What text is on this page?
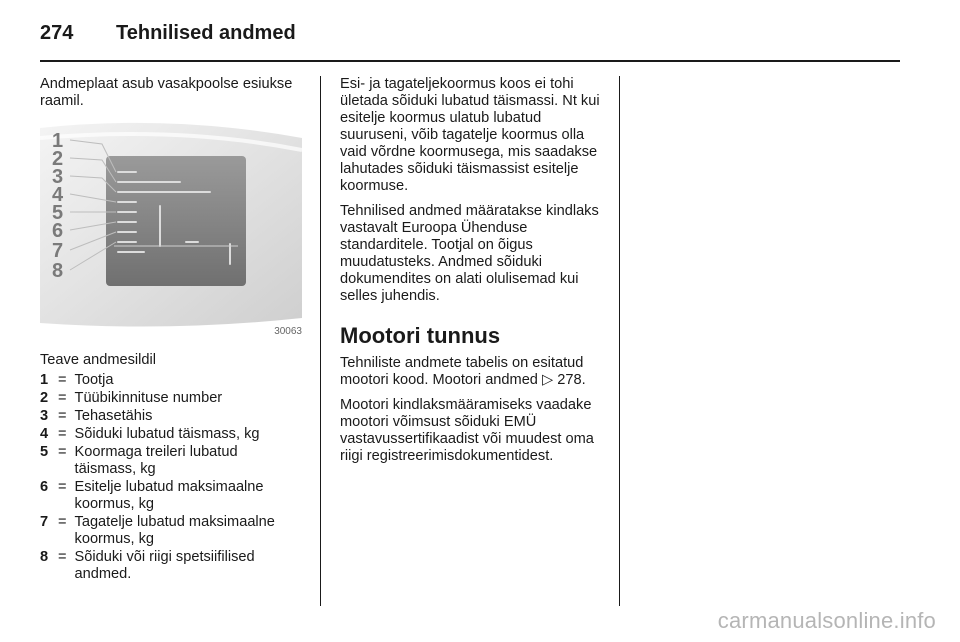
274 Tehnilised andmed

Andmeplaat asub vasakpoolse esiukse raamil.

1
2
3
4
5
6
7
8
30063

Teave andmesildil

1 = Tootja
2 = Tüübikinnituse number
3 = Tehasetähis
4 = Sõiduki lubatud täismass, kg
5 = Koormaga treileri lubatud täismass, kg
6 = Esitelje lubatud maksimaalne koormus, kg
7 = Tagatelje lubatud maksimaalne koormus, kg
8 = Sõiduki või riigi spetsiifilised andmed.

Esi- ja tagateljekoormus koos ei tohi ületada sõiduki lubatud täismassi. Nt kui esitelje koormus ulatub lubatud suuruseni, võib tagatelje koormus olla vaid võrdne koormusega, mis saadakse lahutades sõiduki täismassist esitelje koormuse.

Tehnilised andmed määratakse kindlaks vastavalt Euroopa Ühenduse standarditele. Tootjal on õigus muudatusteks. Andmed sõiduki dokumendites on alati olulisemad kui selles juhendis.

Mootori tunnus

Tehniliste andmete tabelis on esitatud mootori kood. Mootori andmed ▷ 278.

Mootori kindlaksmääramiseks vaadake mootori võimsust sõiduki EMÜ vastavussertifikaadist või muudest oma riigi registreerimisdokumentidest.

carmanualsonline.info
